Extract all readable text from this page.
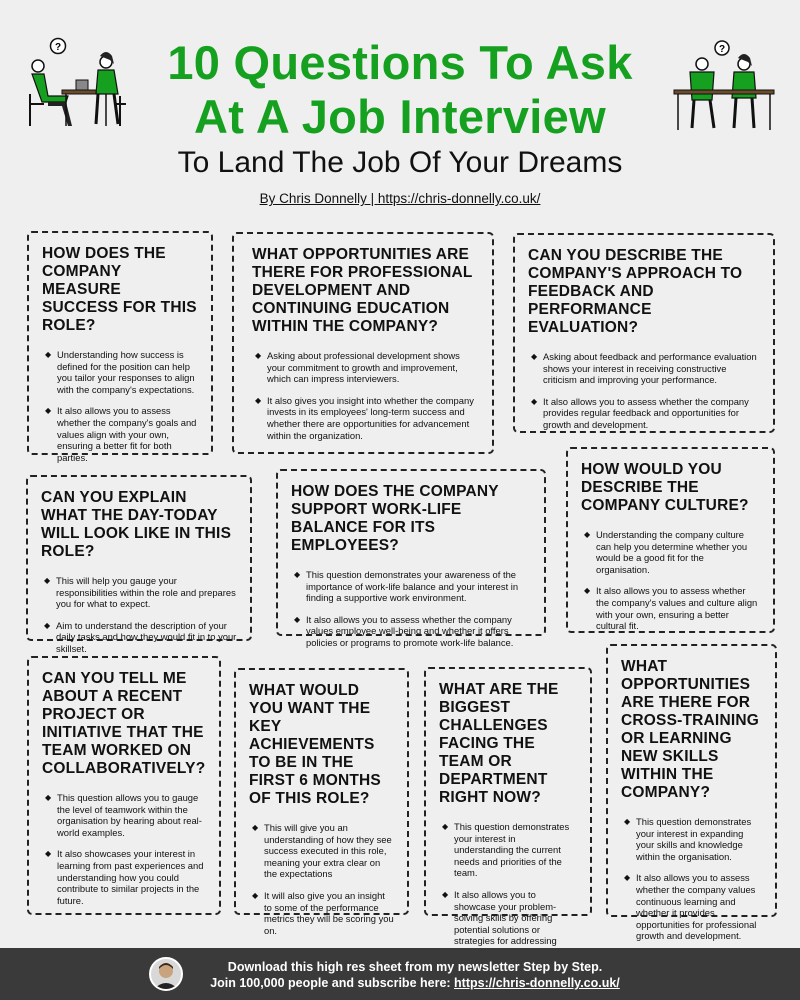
10 Questions To Ask
At A Job Interview
To Land The Job Of Your Dreams
By Chris Donnelly | https://chris-donnelly.co.uk/
?	?
HOW DOES THE COMPANY MEASURE SUCCESS FOR THIS ROLE?
◆ Understanding how success is defined for the position can help you tailor your responses to align with the company's expectations.
◆ It also allows you to assess whether the company's goals and values align with your own, ensuring a better fit for both parties.
WHAT OPPORTUNITIES ARE THERE FOR PROFESSIONAL DEVELOPMENT AND CONTINUING EDUCATION WITHIN THE COMPANY?
◆ Asking about professional development shows your commitment to growth and improvement, which can impress interviewers.
◆ It also gives you insight into whether the company invests in its employees' long-term success and whether there are opportunities for advancement within the organization.
CAN YOU DESCRIBE THE COMPANY'S APPROACH TO FEEDBACK AND PERFORMANCE EVALUATION?
◆ Asking about feedback and performance evaluation shows your interest in receiving constructive criticism and improving your performance.
◆ It also allows you to assess whether the company provides regular feedback and opportunities for growth and development.
CAN YOU EXPLAIN WHAT THE DAY-TODAY WILL LOOK LIKE IN THIS ROLE?
◆ This will help you gauge your responsibilities within the role and prepares you for what to expect.
◆ Aim to understand the description of your daily tasks and how they would fit in to your skillset.
HOW DOES THE COMPANY SUPPORT WORK-LIFE BALANCE FOR ITS EMPLOYEES?
◆ This question demonstrates your awareness of the importance of work-life balance and your interest in finding a supportive work environment.
◆ It also allows you to assess whether the company values employee well-being and whether it offers policies or programs to promote work-life balance.
HOW WOULD YOU DESCRIBE THE COMPANY CULTURE?
◆ Understanding the company culture can help you determine whether you would be a good fit for the organisation.
◆ It also allows you to assess whether the company's values and culture align with your own, ensuring a better cultural fit.
CAN YOU TELL ME ABOUT A RECENT PROJECT OR INITIATIVE THAT THE TEAM WORKED ON COLLABORATIVELY?
◆ This question allows you to gauge the level of teamwork within the organisation by hearing about real-world examples.
◆ It also showcases your interest in learning from past experiences and understanding how you could contribute to similar projects in the future.
WHAT WOULD YOU WANT THE KEY ACHIEVEMENTS TO BE IN THE FIRST 6 MONTHS OF THIS ROLE?
◆ This will give you an understanding of how they see success executed in this role, meaning your extra clear on the expectations
◆ It will also give you an insight to some of the performance metrics they will be scoring you on.
WHAT ARE THE BIGGEST CHALLENGES FACING THE TEAM OR DEPARTMENT RIGHT NOW?
◆ This question demonstrates your interest in understanding the current needs and priorities of the team.
◆ It also allows you to showcase your problem-solving skills by offering potential solutions or strategies for addressing
WHAT OPPORTUNITIES ARE THERE FOR CROSS-TRAINING OR LEARNING NEW SKILLS WITHIN THE COMPANY?
◆ This question demonstrates your interest in expanding your skills and knowledge within the organisation.
◆ It also allows you to assess whether the company values continuous learning and whether it provides opportunities for professional growth and development.
Download this high res sheet from my newsletter Step by Step.
Join 100,000 people and subscribe here: https://chris-donnelly.co.uk/
